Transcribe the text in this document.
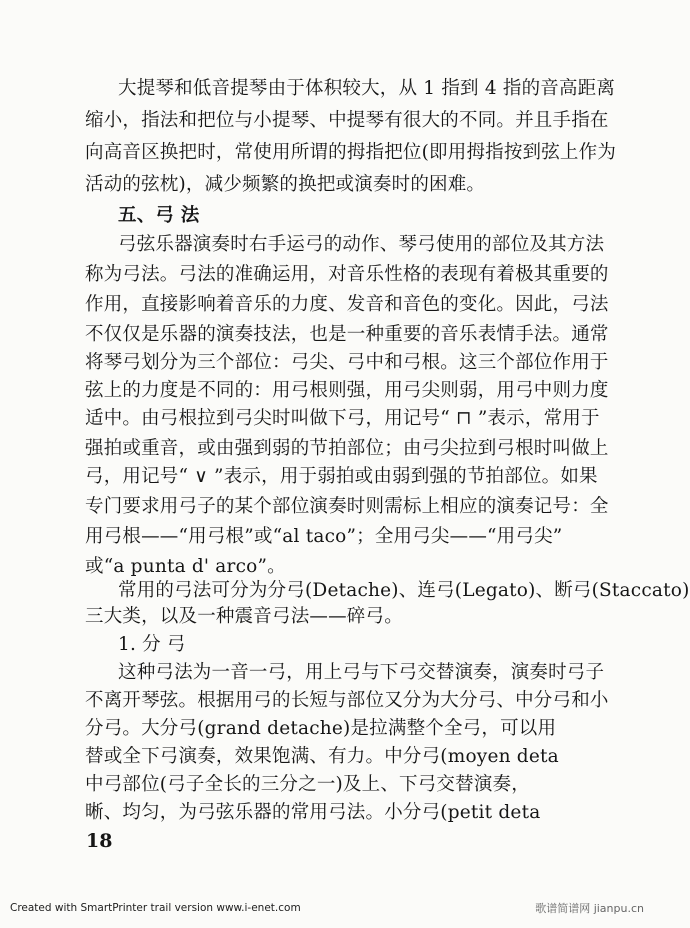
大提琴和低音提琴由于体积较大，从 1 指到 4 指的音高距离
缩小，指法和把位与小提琴、中提琴有很大的不同。并且手指在
向高音区换把时，常使用所谓的拇指把位(即用拇指按到弦上作为
活动的弦枕)，减少频繁的换把或演奏时的困难。
五、弓 法
弓弦乐器演奏时右手运弓的动作、琴弓使用的部位及其方法
称为弓法。弓法的准确运用，对音乐性格的表现有着极其重要的
作用，直接影响着音乐的力度、发音和音色的变化。因此，弓法
不仅仅是乐器的演奏技法，也是一种重要的音乐表情手法。通常
将琴弓划分为三个部位：弓尖、弓中和弓根。这三个部位作用于
弦上的力度是不同的：用弓根则强，用弓尖则弱，用弓中则力度
适中。由弓根拉到弓尖时叫做下弓，用记号“ ⊓ ”表示，常用于
强拍或重音，或由强到弱的节拍部位；由弓尖拉到弓根时叫做上
弓，用记号“ ∨ ”表示，用于弱拍或由弱到强的节拍部位。如果
专门要求用弓子的某个部位演奏时则需标上相应的演奏记号：全
用弓根——“用弓根”或“al taco”；全用弓尖——“用弓尖”
或“a punta d' arco”。
常用的弓法可分为分弓(Detache)、连弓(Legato)、断弓(Staccato)
三大类，以及一种震音弓法——碎弓。
1. 分 弓
这种弓法为一音一弓，用上弓与下弓交替演奏，演奏时弓子
不离开琴弦。根据用弓的长短与部位又分为大分弓、中分弓和小
分弓。大分弓(grand detache)是拉满整个全弓，可以用
替或全下弓演奏，效果饱满、有力。中分弓(moyen deta
中弓部位(弓子全长的三分之一)及上、下弓交替演奏，
晰、均匀，为弓弦乐器的常用弓法。小分弓(petit deta
18
Created with SmartPrinter trail version www.i-enet.com	歌谱简谱网 jianpu.cn
